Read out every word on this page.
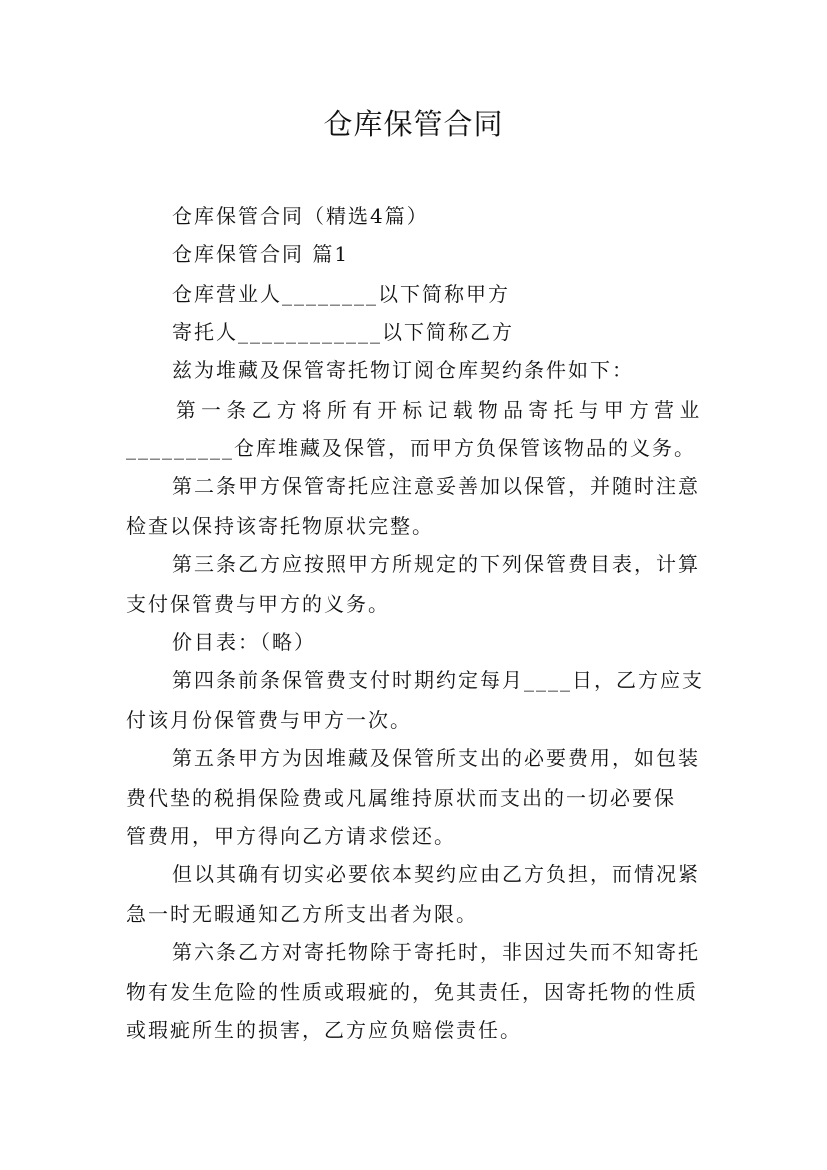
仓库保管合同
仓库保管合同（精选4篇）
仓库保管合同 篇1
仓库营业人________以下简称甲方
寄托人____________以下简称乙方
兹为堆藏及保管寄托物订阅仓库契约条件如下：
第一条乙方将所有开标记载物品寄托与甲方营业
_________仓库堆藏及保管，而甲方负保管该物品的义务。
第二条甲方保管寄托应注意妥善加以保管，并随时注意
检查以保持该寄托物原状完整。
第三条乙方应按照甲方所规定的下列保管费目表，计算
支付保管费与甲方的义务。
价目表：（略）
第四条前条保管费支付时期约定每月____日，乙方应支
付该月份保管费与甲方一次。
第五条甲方为因堆藏及保管所支出的必要费用，如包装
费代垫的税捐保险费或凡属维持原状而支出的一切必要保
管费用，甲方得向乙方请求偿还。
但以其确有切实必要依本契约应由乙方负担，而情况紧
急一时无暇通知乙方所支出者为限。
第六条乙方对寄托物除于寄托时，非因过失而不知寄托
物有发生危险的性质或瑕疵的，免其责任，因寄托物的性质
或瑕疵所生的损害，乙方应负赔偿责任。
